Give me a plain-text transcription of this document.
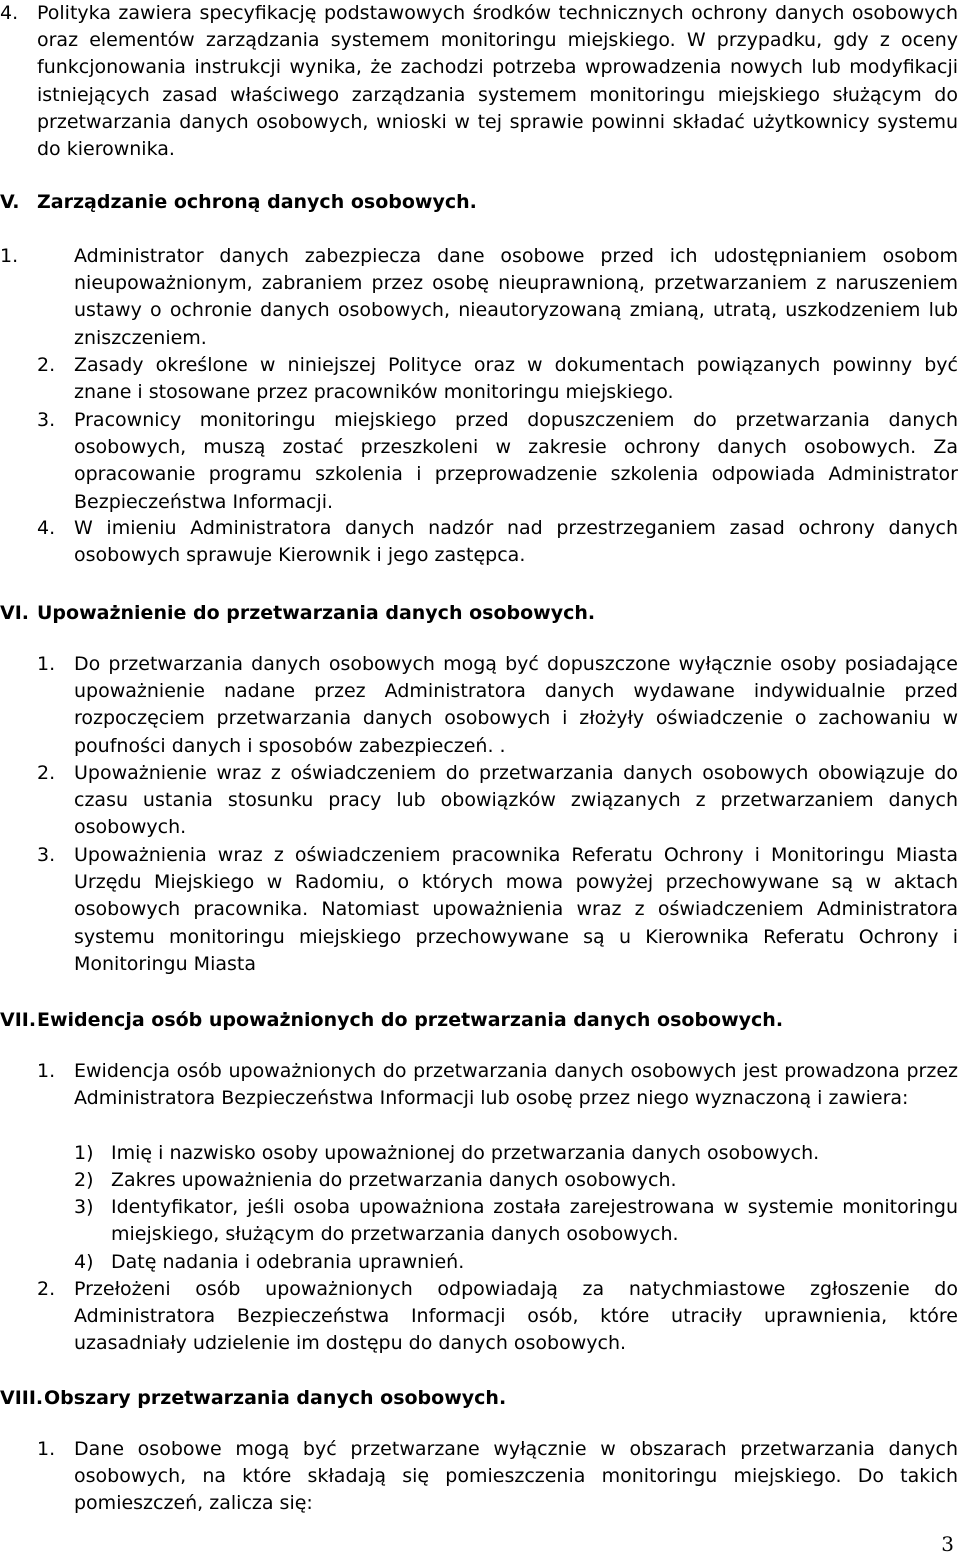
4. Polityka zawiera specyfikację podstawowych środków technicznych ochrony danych osobowych oraz elementów zarządzania systemem monitoringu miejskiego. W przypadku, gdy z oceny funkcjonowania instrukcji wynika, że zachodzi potrzeba wprowadzenia nowych lub modyfikacji istniejących zasad właściwego zarządzania systemem monitoringu miejskiego służącym do przetwarzania danych osobowych, wnioski w tej sprawie powinni składać użytkownicy systemu do kierownika.
V. Zarządzanie ochroną danych osobowych.
1.	Administrator danych zabezpiecza dane osobowe przed ich udostępnianiem osobom nieupoważnionym, zabraniem przez osobę nieuprawnioną, przetwarzaniem z naruszeniem ustawy o ochronie danych osobowych, nieautoryzowaną zmianą, utratą, uszkodzeniem lub zniszczeniem.
2. Zasady określone w niniejszej Polityce oraz w dokumentach powiązanych powinny być znane i stosowane przez pracowników monitoringu miejskiego.
3. Pracownicy monitoringu miejskiego przed dopuszczeniem do przetwarzania danych osobowych, muszą zostać przeszkoleni w zakresie ochrony danych osobowych. Za opracowanie programu szkolenia i przeprowadzenie szkolenia odpowiada Administrator Bezpieczeństwa Informacji.
4. W imieniu Administratora danych nadzór nad przestrzeganiem zasad ochrony danych osobowych sprawuje Kierownik i jego zastępca.
VI. Upoważnienie do przetwarzania danych osobowych.
1. Do przetwarzania danych osobowych mogą być dopuszczone wyłącznie osoby posiadające upoważnienie nadane przez Administratora danych wydawane indywidualnie przed rozpoczęciem przetwarzania danych osobowych i złożyły oświadczenie o zachowaniu w poufności danych i sposobów zabezpieczeń. .
2. Upoważnienie wraz z oświadczeniem do przetwarzania danych osobowych obowiązuje do czasu ustania stosunku pracy lub obowiązków związanych z przetwarzaniem danych osobowych.
3. Upoważnienia wraz z oświadczeniem pracownika Referatu Ochrony i Monitoringu Miasta Urzędu Miejskiego w Radomiu, o których mowa powyżej przechowywane są w aktach osobowych pracownika. Natomiast upoważnienia wraz z oświadczeniem Administratora systemu monitoringu miejskiego przechowywane są u Kierownika Referatu Ochrony i Monitoringu Miasta
VII.Ewidencja osób upoważnionych do przetwarzania danych osobowych.
1. Ewidencja osób upoważnionych do przetwarzania danych osobowych jest prowadzona przez Administratora Bezpieczeństwa Informacji lub osobę przez niego wyznaczoną i zawiera:
1) Imię i nazwisko osoby upoważnionej do przetwarzania danych osobowych.
2) Zakres upoważnienia do przetwarzania danych osobowych.
3) Identyfikator, jeśli osoba upoważniona została zarejestrowana w systemie monitoringu miejskiego, służącym do przetwarzania danych osobowych.
4) Datę nadania i odebrania uprawnień.
2. Przełożeni osób upoważnionych odpowiadają za natychmiastowe zgłoszenie do Administratora Bezpieczeństwa Informacji osób, które utraciły uprawnienia, które uzasadniały udzielenie im dostępu do danych osobowych.
VIII.Obszary przetwarzania danych osobowych.
1. Dane osobowe mogą być przetwarzane wyłącznie w obszarach przetwarzania danych osobowych, na które składają się pomieszczenia monitoringu miejskiego. Do takich pomieszczeń, zalicza się:
3
